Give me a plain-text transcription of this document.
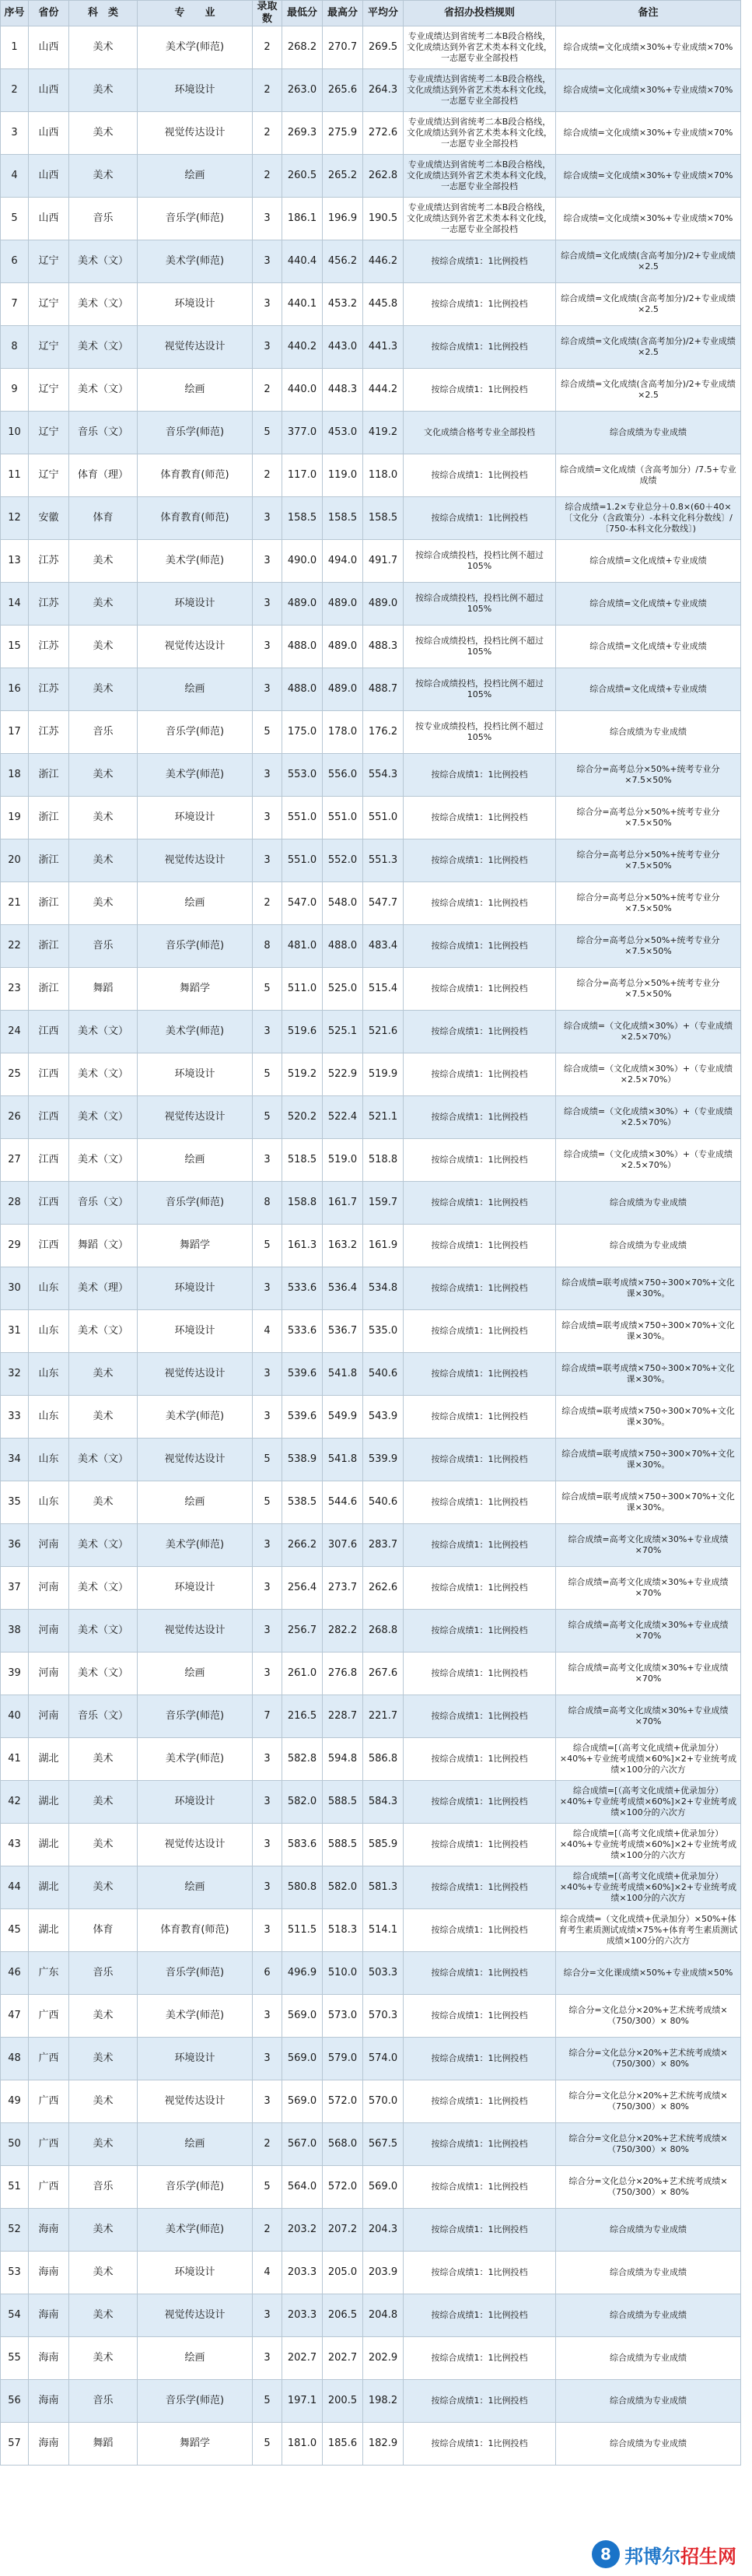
序号	省份	科　类	专　　业	录取数	最低分	最高分	平均分	省招办投档规则	备注
1	山西	美术	美术学(师范)	2	268.2	270.7	269.5	专业成绩达到省统考二本B段合格线，文化成绩达到外省艺术类本科文化线，一志愿专业全部投档	综合成绩=文化成绩×30%+专业成绩×70%
2	山西	美术	环境设计	2	263.0	265.6	264.3	专业成绩达到省统考二本B段合格线，文化成绩达到外省艺术类本科文化线，一志愿专业全部投档	综合成绩=文化成绩×30%+专业成绩×70%
3	山西	美术	视觉传达设计	2	269.3	275.9	272.6	专业成绩达到省统考二本B段合格线，文化成绩达到外省艺术类本科文化线，一志愿专业全部投档	综合成绩=文化成绩×30%+专业成绩×70%
4	山西	美术	绘画	2	260.5	265.2	262.8	专业成绩达到省统考二本B段合格线，文化成绩达到外省艺术类本科文化线，一志愿专业全部投档	综合成绩=文化成绩×30%+专业成绩×70%
5	山西	音乐	音乐学(师范)	3	186.1	196.9	190.5	专业成绩达到省统考二本B段合格线，文化成绩达到外省艺术类本科文化线，一志愿专业全部投档	综合成绩=文化成绩×30%+专业成绩×70%
6	辽宁	美术（文）	美术学(师范)	3	440.4	456.2	446.2	按综合成绩1：1比例投档	综合成绩=文化成绩(含高考加分)/2+专业成绩×2.5
7	辽宁	美术（文）	环境设计	3	440.1	453.2	445.8	按综合成绩1：1比例投档	综合成绩=文化成绩(含高考加分)/2+专业成绩×2.5
8	辽宁	美术（文）	视觉传达设计	3	440.2	443.0	441.3	按综合成绩1：1比例投档	综合成绩=文化成绩(含高考加分)/2+专业成绩×2.5
9	辽宁	美术（文）	绘画	2	440.0	448.3	444.2	按综合成绩1：1比例投档	综合成绩=文化成绩(含高考加分)/2+专业成绩×2.5
10	辽宁	音乐（文）	音乐学(师范)	5	377.0	453.0	419.2	文化成绩合格考专业全部投档	综合成绩为专业成绩
11	辽宁	体育（理）	体育教育(师范)	2	117.0	119.0	118.0	按综合成绩1：1比例投档	综合成绩=文化成绩（含高考加分）/7.5+专业成绩
12	安徽	体育	体育教育(师范)	3	158.5	158.5	158.5	按综合成绩1：1比例投档	综合成绩=1.2×专业总分＋0.8×(60＋40×〔文化分（含政策分）-本科文化科分数线〕/〔750-本科文化分数线〕)
13	江苏	美术	美术学(师范)	3	490.0	494.0	491.7	按综合成绩投档，投档比例不超过105%	综合成绩=文化成绩+专业成绩
14	江苏	美术	环境设计	3	489.0	489.0	489.0	按综合成绩投档，投档比例不超过105%	综合成绩=文化成绩+专业成绩
15	江苏	美术	视觉传达设计	3	488.0	489.0	488.3	按综合成绩投档，投档比例不超过105%	综合成绩=文化成绩+专业成绩
16	江苏	美术	绘画	3	488.0	489.0	488.7	按综合成绩投档，投档比例不超过105%	综合成绩=文化成绩+专业成绩
17	江苏	音乐	音乐学(师范)	5	175.0	178.0	176.2	按专业成绩投档，投档比例不超过105%	综合成绩为专业成绩
18	浙江	美术	美术学(师范)	3	553.0	556.0	554.3	按综合成绩1：1比例投档	综合分=高考总分×50%+统考专业分×7.5×50%
19	浙江	美术	环境设计	3	551.0	551.0	551.0	按综合成绩1：1比例投档	综合分=高考总分×50%+统考专业分×7.5×50%
20	浙江	美术	视觉传达设计	3	551.0	552.0	551.3	按综合成绩1：1比例投档	综合分=高考总分×50%+统考专业分×7.5×50%
21	浙江	美术	绘画	2	547.0	548.0	547.7	按综合成绩1：1比例投档	综合分=高考总分×50%+统考专业分×7.5×50%
22	浙江	音乐	音乐学(师范)	8	481.0	488.0	483.4	按综合成绩1：1比例投档	综合分=高考总分×50%+统考专业分×7.5×50%
23	浙江	舞蹈	舞蹈学	5	511.0	525.0	515.4	按综合成绩1：1比例投档	综合分=高考总分×50%+统考专业分×7.5×50%
24	江西	美术（文）	美术学(师范)	3	519.6	525.1	521.6	按综合成绩1：1比例投档	综合成绩=（文化成绩×30%）+（专业成绩×2.5×70%）
25	江西	美术（文）	环境设计	5	519.2	522.9	519.9	按综合成绩1：1比例投档	综合成绩=（文化成绩×30%）+（专业成绩×2.5×70%）
26	江西	美术（文）	视觉传达设计	5	520.2	522.4	521.1	按综合成绩1：1比例投档	综合成绩=（文化成绩×30%）+（专业成绩×2.5×70%）
27	江西	美术（文）	绘画	3	518.5	519.0	518.8	按综合成绩1：1比例投档	综合成绩=（文化成绩×30%）+（专业成绩×2.5×70%）
28	江西	音乐（文）	音乐学(师范)	8	158.8	161.7	159.7	按综合成绩1：1比例投档	综合成绩为专业成绩
29	江西	舞蹈（文）	舞蹈学	5	161.3	163.2	161.9	按综合成绩1：1比例投档	综合成绩为专业成绩
30	山东	美术（理）	环境设计	3	533.6	536.4	534.8	按综合成绩1：1比例投档	综合成绩=联考成绩×750÷300×70%+文化课×30%。
31	山东	美术（文）	环境设计	4	533.6	536.7	535.0	按综合成绩1：1比例投档	综合成绩=联考成绩×750÷300×70%+文化课×30%。
32	山东	美术	视觉传达设计	3	539.6	541.8	540.6	按综合成绩1：1比例投档	综合成绩=联考成绩×750÷300×70%+文化课×30%。
33	山东	美术	美术学(师范)	3	539.6	549.9	543.9	按综合成绩1：1比例投档	综合成绩=联考成绩×750÷300×70%+文化课×30%。
34	山东	美术（文）	视觉传达设计	5	538.9	541.8	539.9	按综合成绩1：1比例投档	综合成绩=联考成绩×750÷300×70%+文化课×30%。
35	山东	美术	绘画	5	538.5	544.6	540.6	按综合成绩1：1比例投档	综合成绩=联考成绩×750÷300×70%+文化课×30%。
36	河南	美术（文）	美术学(师范)	3	266.2	307.6	283.7	按综合成绩1：1比例投档	综合成绩=高考文化成绩×30%+专业成绩×70%
37	河南	美术（文）	环境设计	3	256.4	273.7	262.6	按综合成绩1：1比例投档	综合成绩=高考文化成绩×30%+专业成绩×70%
38	河南	美术（文）	视觉传达设计	3	256.7	282.2	268.8	按综合成绩1：1比例投档	综合成绩=高考文化成绩×30%+专业成绩×70%
39	河南	美术（文）	绘画	3	261.0	276.8	267.6	按综合成绩1：1比例投档	综合成绩=高考文化成绩×30%+专业成绩×70%
40	河南	音乐（文）	音乐学(师范)	7	216.5	228.7	221.7	按综合成绩1：1比例投档	综合成绩=高考文化成绩×30%+专业成绩×70%
41	湖北	美术	美术学(师范)	3	582.8	594.8	586.8	按综合成绩1：1比例投档	综合成绩=[（高考文化成绩+优录加分）×40%+专业统考成绩×60%]×2+专业统考成绩×100分的六次方
42	湖北	美术	环境设计	3	582.0	588.5	584.3	按综合成绩1：1比例投档	综合成绩=[（高考文化成绩+优录加分）×40%+专业统考成绩×60%]×2+专业统考成绩×100分的六次方
43	湖北	美术	视觉传达设计	3	583.6	588.5	585.9	按综合成绩1：1比例投档	综合成绩=[（高考文化成绩+优录加分）×40%+专业统考成绩×60%]×2+专业统考成绩×100分的六次方
44	湖北	美术	绘画	3	580.8	582.0	581.3	按综合成绩1：1比例投档	综合成绩=[（高考文化成绩+优录加分）×40%+专业统考成绩×60%]×2+专业统考成绩×100分的六次方
45	湖北	体育	体育教育(师范)	3	511.5	518.3	514.1	按综合成绩1：1比例投档	综合成绩=（文化成绩+优录加分）×50%+体育考生素质测试成绩×75%+体育考生素质测试成绩×100分的六次方
46	广东	音乐	音乐学(师范)	6	496.9	510.0	503.3	按综合成绩1：1比例投档	综合分=文化课成绩×50%+专业成绩×50%
47	广西	美术	美术学(师范)	3	569.0	573.0	570.3	按综合成绩1：1比例投档	综合分=文化总分×20%+艺术统考成绩×（750/300）× 80%
48	广西	美术	环境设计	3	569.0	579.0	574.0	按综合成绩1：1比例投档	综合分=文化总分×20%+艺术统考成绩×（750/300）× 80%
49	广西	美术	视觉传达设计	3	569.0	572.0	570.0	按综合成绩1：1比例投档	综合分=文化总分×20%+艺术统考成绩×（750/300）× 80%
50	广西	美术	绘画	2	567.0	568.0	567.5	按综合成绩1：1比例投档	综合分=文化总分×20%+艺术统考成绩×（750/300）× 80%
51	广西	音乐	音乐学(师范)	5	564.0	572.0	569.0	按综合成绩1：1比例投档	综合分=文化总分×20%+艺术统考成绩×（750/300）× 80%
52	海南	美术	美术学(师范)	2	203.2	207.2	204.3	按综合成绩1：1比例投档	综合成绩为专业成绩
53	海南	美术	环境设计	4	203.3	205.0	203.9	按综合成绩1：1比例投档	综合成绩为专业成绩
54	海南	美术	视觉传达设计	3	203.3	206.5	204.8	按综合成绩1：1比例投档	综合成绩为专业成绩
55	海南	美术	绘画	3	202.7	202.7	202.9	按综合成绩1：1比例投档	综合成绩为专业成绩
56	海南	音乐	音乐学(师范)	5	197.1	200.5	198.2	按综合成绩1：1比例投档	综合成绩为专业成绩
57	海南	舞蹈	舞蹈学	5	181.0	185.6	182.9	按综合成绩1：1比例投档	综合成绩为专业成绩
8 邦博尔招生网
